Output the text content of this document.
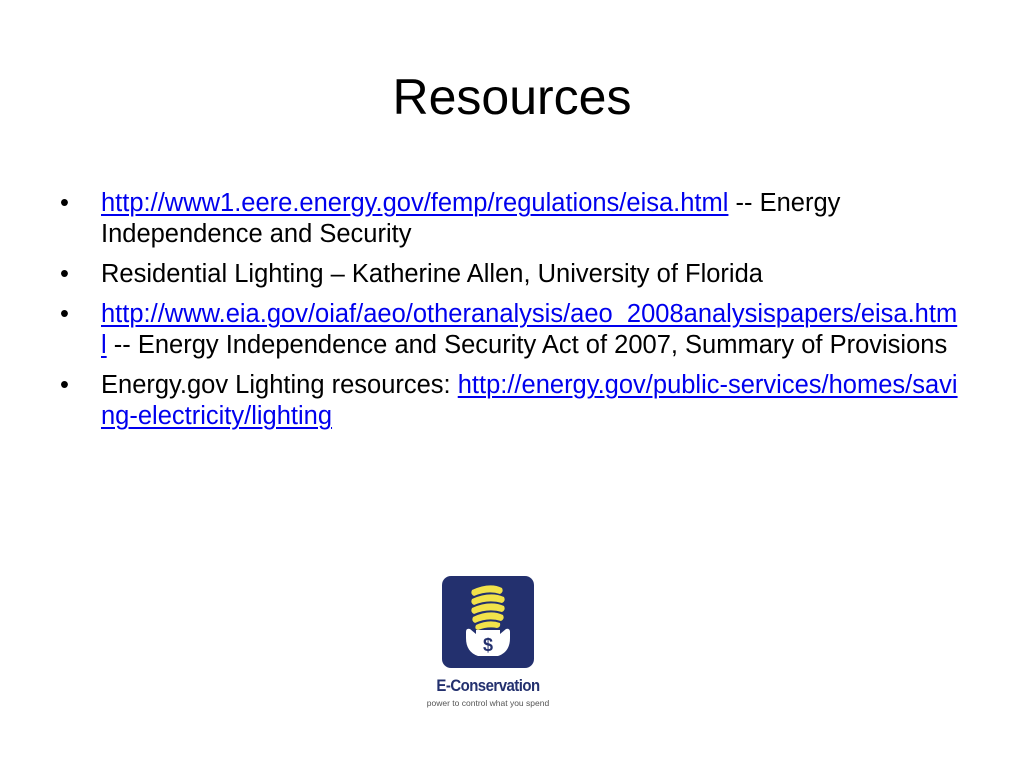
Resources
•	http://www1.eere.energy.gov/femp/regulations/eisa.html -- Energy Independence and Security
•	Residential Lighting – Katherine Allen, University of Florida
•	http://www.eia.gov/oiaf/aeo/otheranalysis/aeo_2008analysispapers/eisa.html -- Energy Independence and Security Act of 2007, Summary of Provisions
•	Energy.gov Lighting resources: http://energy.gov/public-services/homes/saving-electricity/lighting
$
E-Conservation
power to control what you spend
